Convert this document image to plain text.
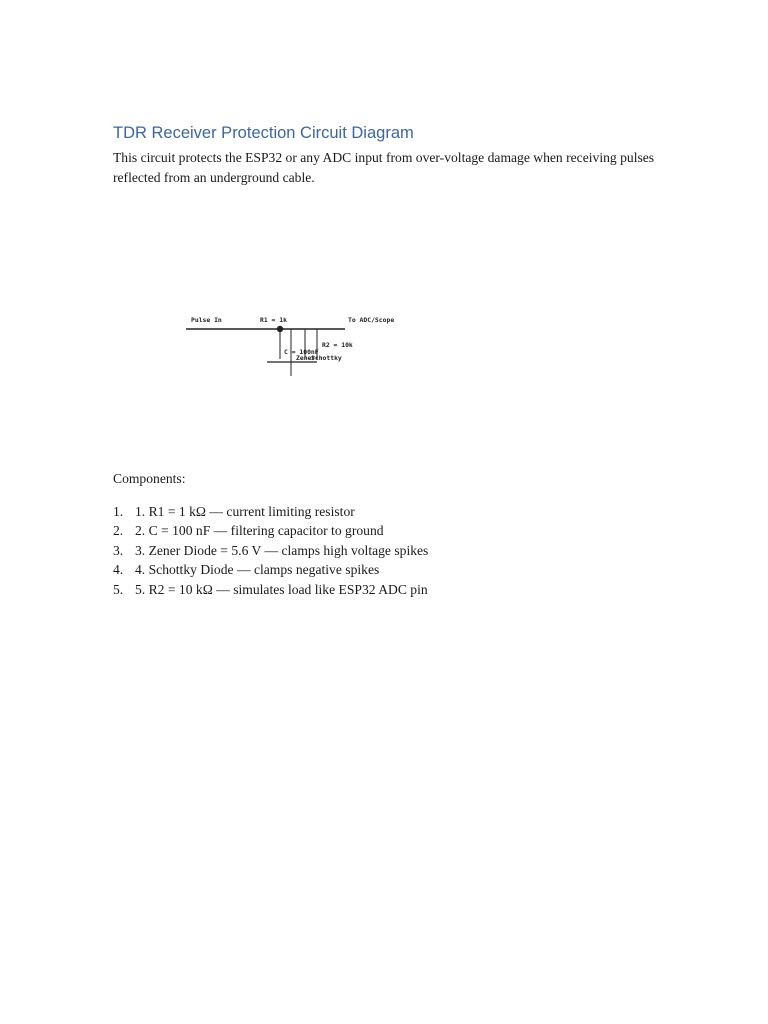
TDR Receiver Protection Circuit Diagram

This circuit protects the ESP32 or any ADC input from over-voltage damage when receiving pulses reflected from an underground cable.

Pulse In	R1 = 1k	To ADC/Scope
R2 = 10k
C = 100nF
Zener
Schottky
Components:
1. 1. R1 = 1 kΩ — current limiting resistor
2. 2. C = 100 nF — filtering capacitor to ground
3. 3. Zener Diode = 5.6 V — clamps high voltage spikes
4. 4. Schottky Diode — clamps negative spikes
5. 5. R2 = 10 kΩ — simulates load like ESP32 ADC pin
